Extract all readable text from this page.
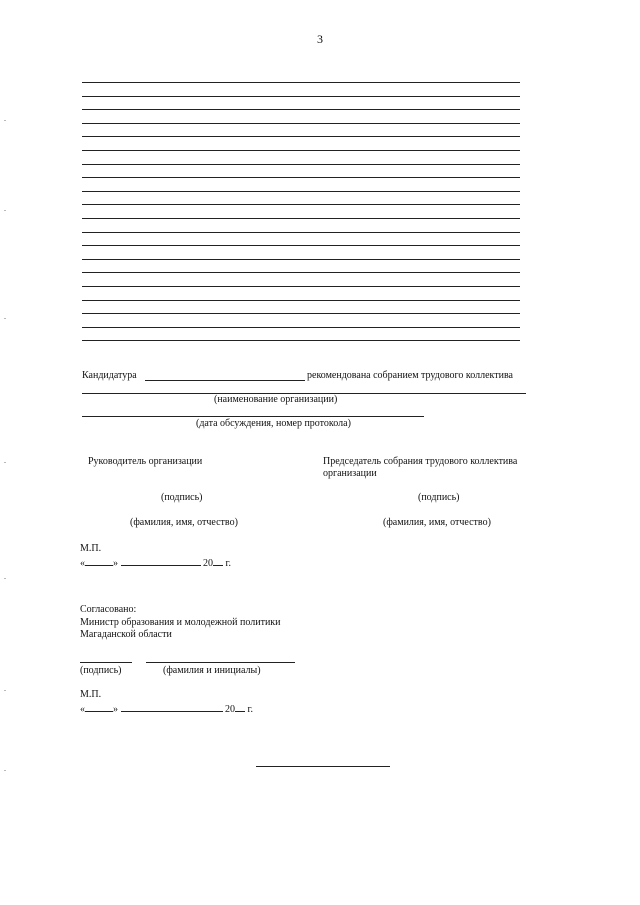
3
Кандидатура	рекомендована собранием трудового коллектива
(наименование организации)
(дата обсуждения, номер протокола)
Руководитель организации	Председатель собрания трудового коллектива
организации
(подпись)	(подпись)
(фамилия, имя, отчество)	(фамилия, имя, отчество)
М.П.
«	»	20 г.
Согласовано:
Министр образования и молодежной политики
Магаданской области
(подпись)	(фамилия и инициалы)
М.П.
«	»	20 г.
